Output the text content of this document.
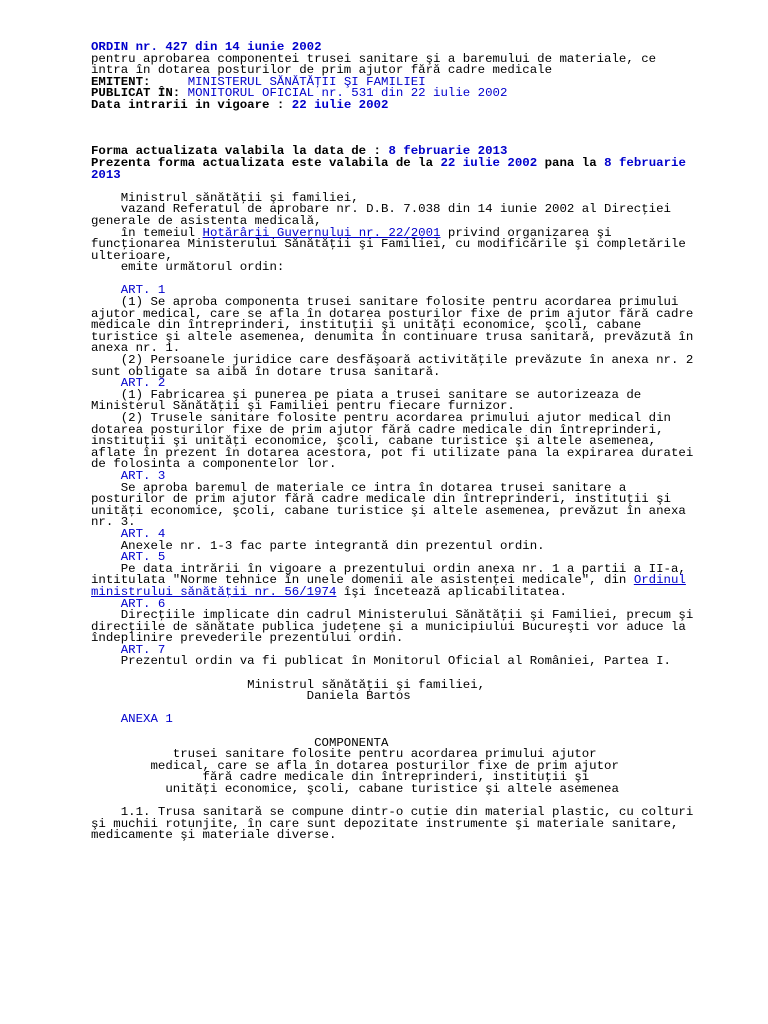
ORDIN nr. 427 din 14 iunie 2002
pentru aprobarea componentei trusei sanitare şi a baremului de materiale, ce
intra în dotarea posturilor de prim ajutor fără cadre medicale
EMITENT:	MINISTERUL SĂNĂTĂŢII ŞI FAMILIEI
PUBLICAT ÎN: MONITORUL OFICIAL nr. 531 din 22 iulie 2002
Data intrarii in vigoare : 22 iulie 2002
Forma actualizata valabila la data de : 8 februarie 2013
Prezenta forma actualizata este valabila de la 22 iulie 2002 pana la 8 februarie
2013
Ministrul sănătăţii şi familiei,
vazand Referatul de aprobare nr. D.B. 7.038 din 14 iunie 2002 al Direcţiei
generale de asistenta medicală,
în temeiul Hotărârii Guvernului nr. 22/2001 privind organizarea şi
funcţionarea Ministerului Sănătăţii şi Familiei, cu modificările şi completările
ulterioare,
emite următorul ordin:
ART. 1
(1) Se aproba componenta trusei sanitare folosite pentru acordarea primului
ajutor medical, care se afla în dotarea posturilor fixe de prim ajutor fără cadre
medicale din întreprinderi, instituţii şi unităţi economice, şcoli, cabane
turistice şi altele asemenea, denumita în continuare trusa sanitară, prevăzută în
anexa nr. 1.
(2) Persoanele juridice care desfăşoară activităţile prevăzute în anexa nr. 2
sunt obligate sa aibă în dotare trusa sanitară.
ART. 2
(1) Fabricarea şi punerea pe piata a trusei sanitare se autorizeaza de
Ministerul Sănătăţii şi Familiei pentru fiecare furnizor.
(2) Truselе sanitare folosite pentru acordarea primului ajutor medical din
dotarea posturilor fixe de prim ajutor fără cadre medicale din întreprinderi,
instituţii şi unităţi economice, şcoli, cabane turistice şi altele asemenea,
aflate în prezent în dotarea acestora, pot fi utilizate pana la expirarea duratei
de folosinta a componentelor lor.
ART. 3
Se aproba baremul de materiale ce intra în dotarea trusei sanitare a
posturilor de prim ajutor fără cadre medicale din întreprinderi, instituţii şi
unităţi economice, şcoli, cabane turistice şi altele asemenea, prevăzut în anexa
nr. 3.
ART. 4
Anexele nr. 1-3 fac parte integrantă din prezentul ordin.
ART. 5
Pe data intrării în vigoare a prezentului ordin anexa nr. 1 a partii a II-a,
intitulata "Norme tehnice în unele domenii ale asistenţei medicale", din Ordinul
ministrului sănătăţii nr. 56/1974 îşi încetează aplicabilitatea.
ART. 6
Direcţiile implicate din cadrul Ministerului Sănătăţii şi Familiei, precum şi
direcţiile de sănătate publica judeţene şi a municipiului Bucureşti vor aduce la
îndeplinire prevederile prezentului ordin.
ART. 7
Prezentul ordin va fi publicat în Monitorul Oficial al României, Partea I.
Ministrul sănătăţii şi familiei,
Daniela Bartos
ANEXA 1
COMPONENTA
trusei sanitare folosite pentru acordarea primului ajutor
medical, care se afla în dotarea posturilor fixe de prim ajutor
fără cadre medicale din întreprinderi, instituţii şi
unităţi economice, şcoli, cabane turistice şi altele asemenea
1.1. Trusa sanitară se compune dintr-o cutie din material plastic, cu colturi
şi muchii rotunjite, în care sunt depozitate instrumente şi materiale sanitare,
medicamente şi materiale diverse.
